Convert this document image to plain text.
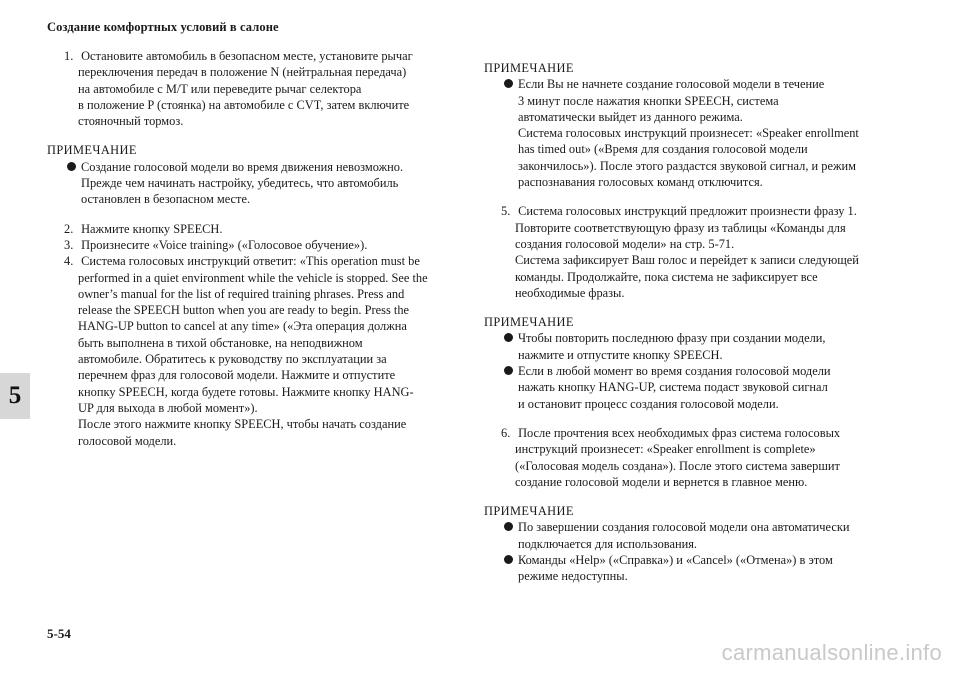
Создание комфортных условий в салоне
5
1. Остановите автомобиль в безопасном месте, установите рычаг
переключения передач в положение N (нейтральная передача)
на автомобиле с M/T или переведите рычаг селектора
в положение P (стоянка) на автомобиле с CVT, затем включите
стояночный тормоз.
ПРИМЕЧАНИЕ
Создание голосовой модели во время движения невозможно.
Прежде чем начинать настройку, убедитесь, что автомобиль
остановлен в безопасном месте.
2. Нажмите кнопку SPEECH.
3. Произнесите «Voice training» («Голосовое обучение»).
4. Система голосовых инструкций ответит: «This operation must be
performed in a quiet environment while the vehicle is stopped. See the
owner’s manual for the list of required training phrases. Press and
release the SPEECH button when you are ready to begin. Press the
HANG-UP button to cancel at any time» («Эта операция должна
быть выполнена в тихой обстановке, на неподвижном
автомобиле. Обратитесь к руководству по эксплуатации за
перечнем фраз для голосовой модели. Нажмите и отпустите
кнопку SPEECH, когда будете готовы. Нажмите кнопку HANG-
UP для выхода в любой момент»).
После этого нажмите кнопку SPEECH, чтобы начать создание
голосовой модели.
ПРИМЕЧАНИЕ
Если Вы не начнете создание голосовой модели в течение
3 минут после нажатия кнопки SPEECH, система
автоматически выйдет из данного режима.
Система голосовых инструкций произнесет: «Speaker enrollment
has timed out» («Время для создания голосовой модели
закончилось»). После этого раздастся звуковой сигнал, и режим
распознавания голосовых команд отключится.
5. Система голосовых инструкций предложит произнести фразу 1.
Повторите соответствующую фразу из таблицы «Команды для
создания голосовой модели» на стр. 5-71.
Система зафиксирует Ваш голос и перейдет к записи следующей
команды. Продолжайте, пока система не зафиксирует все
необходимые фразы.
ПРИМЕЧАНИЕ
Чтобы повторить последнюю фразу при создании модели,
нажмите и отпустите кнопку SPEECH.
Если в любой момент во время создания голосовой модели
нажать кнопку HANG-UP, система подаст звуковой сигнал
и остановит процесс создания голосовой модели.
6. После прочтения всех необходимых фраз система голосовых
инструкций произнесет: «Speaker enrollment is complete»
(«Голосовая модель создана»). После этого система завершит
создание голосовой модели и вернется в главное меню.
ПРИМЕЧАНИЕ
По завершении создания голосовой модели она автоматически
подключается для использования.
Команды «Help» («Справка») и «Cancel» («Отмена») в этом
режиме недоступны.
5-54
carmanualsonline.info
